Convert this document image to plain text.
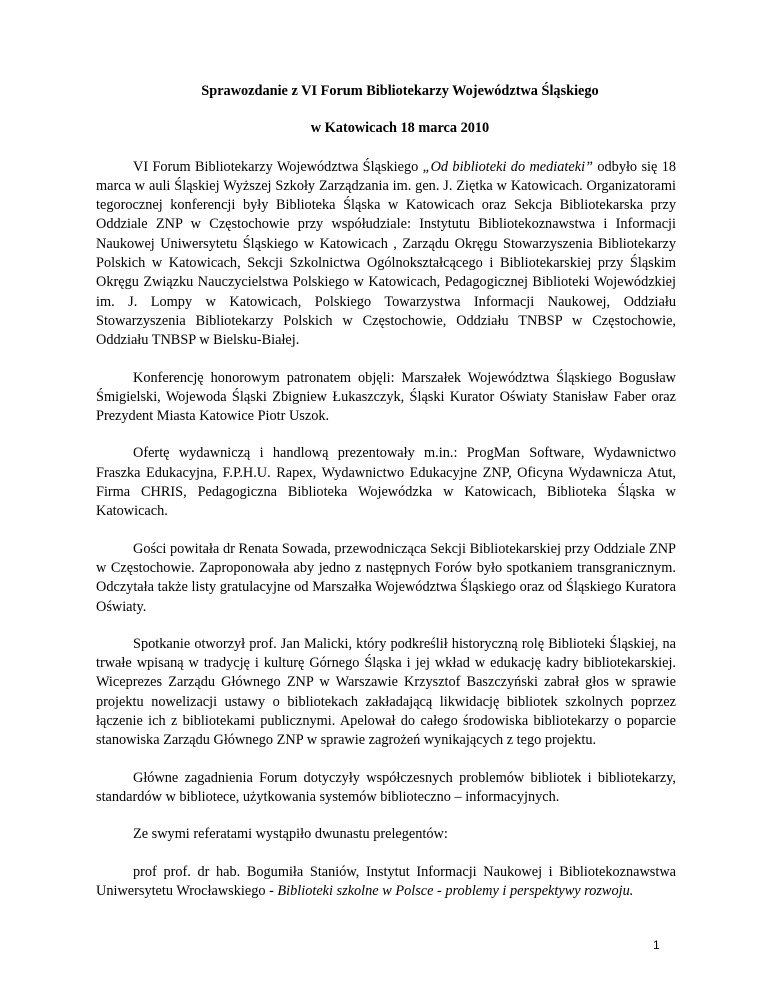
Sprawozdanie z VI Forum Bibliotekarzy Województwa Śląskiego

w Katowicach 18 marca 2010

VI Forum Bibliotekarzy Województwa Śląskiego „Od biblioteki do mediateki” odbyło się 18 marca w auli Śląskiej Wyższej Szkoły Zarządzania im. gen. J. Ziętka w Katowicach. Organizatorami tegorocznej konferencji były Biblioteka Śląska w Katowicach oraz Sekcja Bibliotekarska przy Oddziale ZNP w Częstochowie przy współudziale: Instytutu Bibliotekoznawstwa i Informacji Naukowej Uniwersytetu Śląskiego w Katowicach , Zarządu Okręgu Stowarzyszenia Bibliotekarzy Polskich w Katowicach, Sekcji Szkolnictwa Ogólnokształcącego i Bibliotekarskiej przy Śląskim Okręgu Związku Nauczycielstwa Polskiego w Katowicach, Pedagogicznej Biblioteki Wojewódzkiej im. J. Lompy w Katowicach, Polskiego Towarzystwa Informacji Naukowej, Oddziału Stowarzyszenia Bibliotekarzy Polskich w Częstochowie, Oddziału TNBSP w Częstochowie, Oddziału TNBSP w Bielsku-Białej.

Konferencję honorowym patronatem objęli: Marszałek Województwa Śląskiego Bogusław Śmigielski, Wojewoda Śląski Zbigniew Łukaszczyk, Śląski Kurator Oświaty Stanisław Faber oraz Prezydent Miasta Katowice Piotr Uszok.

Ofertę wydawniczą i handlową prezentowały m.in.: ProgMan Software, Wydawnictwo Fraszka Edukacyjna, F.P.H.U. Rapex, Wydawnictwo Edukacyjne ZNP, Oficyna Wydawnicza Atut, Firma CHRIS, Pedagogiczna Biblioteka Wojewódzka w Katowicach, Biblioteka Śląska w Katowicach.

Gości powitała dr Renata Sowada, przewodnicząca Sekcji Bibliotekarskiej przy Oddziale ZNP w Częstochowie. Zaproponowała aby jedno z następnych Forów było spotkaniem transgranicznym. Odczytała także listy gratulacyjne od Marszałka Województwa Śląskiego oraz od Śląskiego Kuratora Oświaty.

Spotkanie otworzył prof. Jan Malicki, który podkreślił historyczną rolę Biblioteki Śląskiej, na trwałe wpisaną w tradycję i kulturę Górnego Śląska i jej wkład w edukację kadry bibliotekarskiej. Wiceprezes Zarządu Głównego ZNP w Warszawie Krzysztof Baszczyński zabrał głos w sprawie projektu nowelizacji ustawy o bibliotekach zakładającą likwidację bibliotek szkolnych poprzez łączenie ich z bibliotekami publicznymi. Apelował do całego środowiska bibliotekarzy o poparcie stanowiska Zarządu Głównego ZNP w sprawie zagrożeń wynikających z tego projektu.

Główne zagadnienia Forum dotyczyły współczesnych problemów bibliotek i bibliotekarzy, standardów w bibliotece, użytkowania systemów biblioteczno – informacyjnych.

Ze swymi referatami wystąpiło dwunastu prelegentów:

prof prof. dr hab. Bogumiła Staniów, Instytut Informacji Naukowej i Bibliotekoznawstwa Uniwersytetu Wrocławskiego - Biblioteki szkolne w Polsce - problemy i perspektywy rozwoju.

1
